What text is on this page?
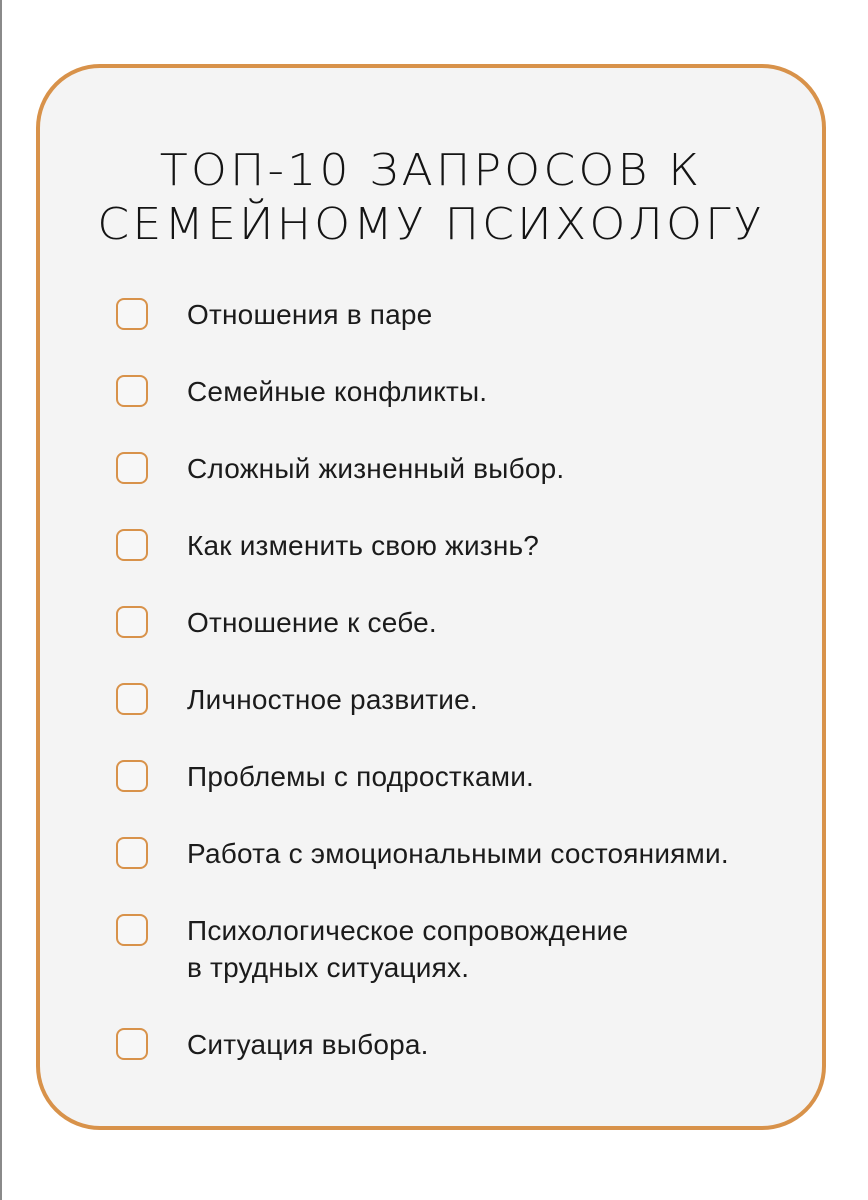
ТОП-10 ЗАПРОСОВ К
СЕМЕЙНОМУ ПСИХОЛОГУ
Отношения в паре
Семейные конфликты.
Сложный жизненный выбор.
Как изменить свою жизнь?
Отношение к себе.
Личностное развитие.
Проблемы с подростками.
Работа с эмоциональными состояниями.
Психологическое сопровождение
в трудных ситуациях.
Ситуация выбора.
